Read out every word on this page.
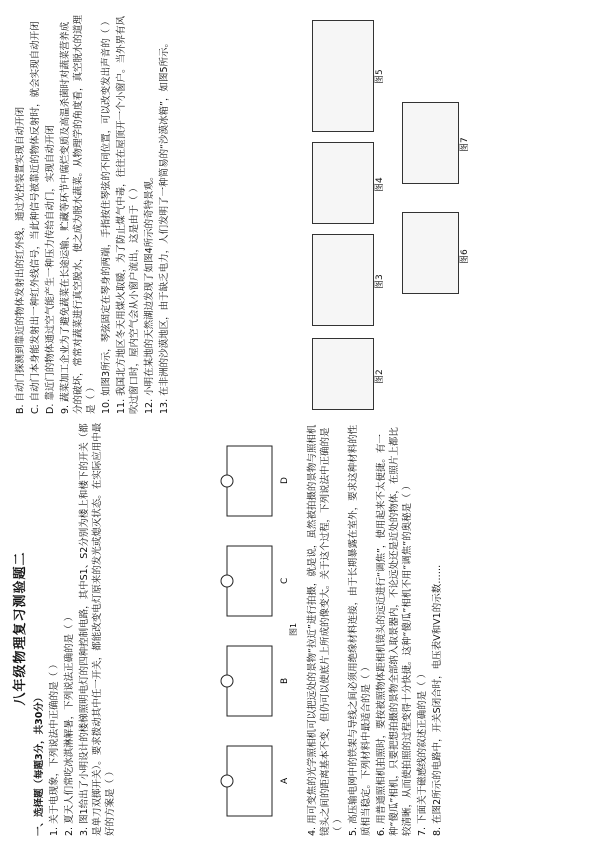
八年级物理复习测验题二
一、选择题（每题3分，共30分） 1. 关于电现象，下列说法中正确的是（ ） 2. 夏天人们常吃冰淇淋解暑，下列说法正确的是（ ） 3. 图1给出了小明设计的楼梯照明电灯的四种控制电路，其中S1、S2分别为楼上和楼下的开关（都是单刀双掷开关）。要求拨动其中任一开关，都能改变电灯原来的发光或熄灭状态。在实际应用中最好的方案是（ ）	A
B
C
D
图1 4. 用可变焦的光学照相机可以把远处的景物“拉近”进行拍摄，就是说，虽然被拍摄的景物与照相机镜头之间的距离基本不变，但仍可以使底片上所成的像变大。关于这个过程，下列说法中正确的是（ ） 5. 高压输电网中的铁架与导线之间必须用绝缘材料连接，由于长期暴露在室外，要求这种材料的性质相当稳定。下列材料中最适合的是（ ） 6. 用普通照相机拍照时，要按被照物体距相机镜头的远近进行“调焦”，使用起来不太便捷。有一种“傻瓜”相机，只要把想拍摄的景物全部纳入取景器内，不论远处还是近处的物体，在照片上都比较清晰，从而使拍照的过程变得十分快捷。这种“傻瓜”相机不用“调焦”的奥秘是（ ） 7. 下面关于磁感线的叙述正确的是（ ） 8. 在图2所示的电路中，开关S闭合时，电压表V和V1的示数……
B. 自动门探测到靠近的物体发射出的红外线，通过光控装置实现自动开闭 C. 自动门本身能发射出一种红外线信号，当此种信号被靠近的物体反射时，就会实现自动开闭 D. 靠近门的物体通过空气能产生一种压力传给自动门，实现自动开闭 9. 蔬菜加工企业为了避免蔬菜在长途运输、贮藏等环节中腐烂变质及高温杀菌时对蔬菜营养成分的破坏，常常对蔬菜进行真空脱水，使之成为脱水蔬菜。从物理学的角度看，真空脱水的道理是（ ） 10. 如图3所示，琴弦固定在琴身的两端，手指按住琴弦的不同位置，可以改变发出声音的（ ） 11. 我国北方地区冬天用煤火取暖，为了防止煤气中毒，往往在屋顶开一个小窗户。当外界有风吹过窗口时，屋内空气会从小窗户流出，这是由于（ ） 12. 小明在某地的天然湖边发现了如图4所示的奇特景观。 13. 在非洲的沙漠地区，由于缺乏电力，人们发明了一种简易的“沙漠冰箱”，如图5所示。	图2
图3
图4
图5
图6
图7
